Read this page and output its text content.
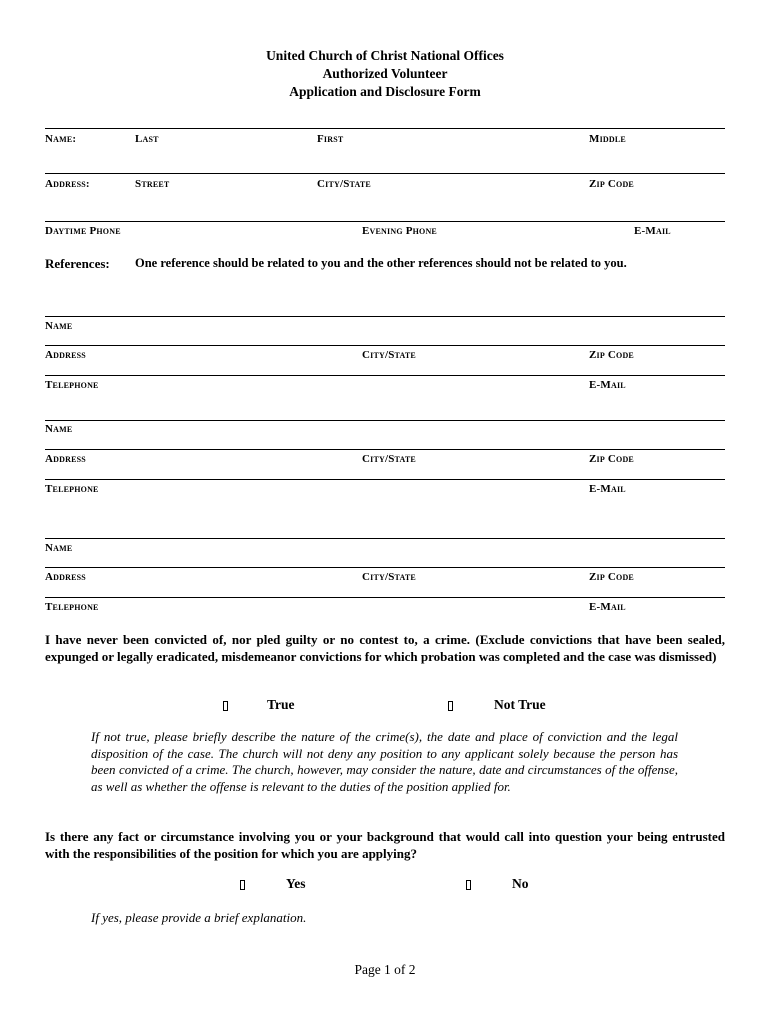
United Church of Christ National Offices
Authorized Volunteer
Application and Disclosure Form
Name:	Last	First	Middle
Address:	Street	City/State	Zip Code
Daytime Phone	Evening Phone	E-Mail
References: One reference should be related to you and the other references should not be related to you.
Name
Address	City/State	Zip Code
Telephone	E-Mail
Name
Address	City/State	Zip Code
Telephone	E-Mail
Name
Address	City/State	Zip Code
Telephone	E-Mail
I have never been convicted of, nor pled guilty or no contest to, a crime. (Exclude convictions that have been sealed, expunged or legally eradicated, misdemeanor convictions for which probation was completed and the case was dismissed)
True	Not True
If not true, please briefly describe the nature of the crime(s), the date and place of conviction and the legal disposition of the case. The church will not deny any position to any applicant solely because the person has been convicted of a crime. The church, however, may consider the nature, date and circumstances of the offense, as well as whether the offense is relevant to the duties of the position applied for.
Is there any fact or circumstance involving you or your background that would call into question your being entrusted with the responsibilities of the position for which you are applying?
Yes	No
If yes, please provide a brief explanation.
Page 1 of 2
